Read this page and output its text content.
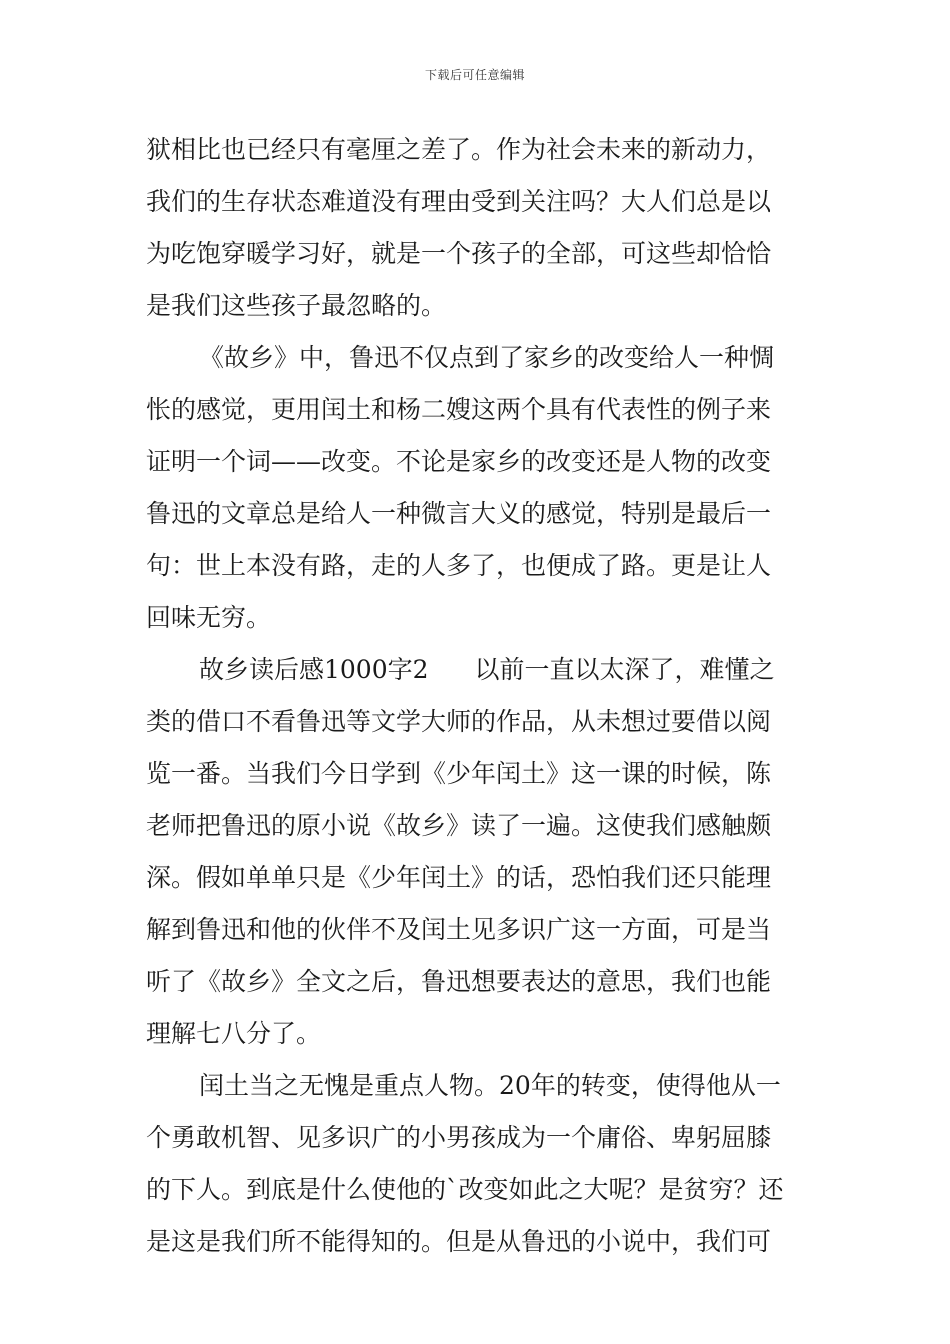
下载后可任意编辑
狱相比也已经只有毫厘之差了。作为社会未来的新动力，
我们的生存状态难道没有理由受到关注吗？大人们总是以
为吃饱穿暖学习好，就是一个孩子的全部，可这些却恰恰
是我们这些孩子最忽略的。
《故乡》中，鲁迅不仅点到了家乡的改变给人一种惆
怅的感觉，更用闰土和杨二嫂这两个具有代表性的例子来
证明一个词——改变。不论是家乡的改变还是人物的改变
鲁迅的文章总是给人一种微言大义的感觉，特别是最后一
句：世上本没有路，走的人多了，也便成了路。更是让人
回味无穷。
故乡读后感1000字2 以前一直以太深了，难懂之
类的借口不看鲁迅等文学大师的作品，从未想过要借以阅
览一番。当我们今日学到《少年闰土》这一课的时候，陈
老师把鲁迅的原小说《故乡》读了一遍。这使我们感触颇
深。假如单单只是《少年闰土》的话，恐怕我们还只能理
解到鲁迅和他的伙伴不及闰土见多识广这一方面，可是当
听了《故乡》全文之后，鲁迅想要表达的意思，我们也能
理解七八分了。
闰土当之无愧是重点人物。20年的转变，使得他从一
个勇敢机智、见多识广的小男孩成为一个庸俗、卑躬屈膝
的下人。到底是什么使他的`改变如此之大呢？是贫穷？还
是这是我们所不能得知的。但是从鲁迅的小说中，我们可
